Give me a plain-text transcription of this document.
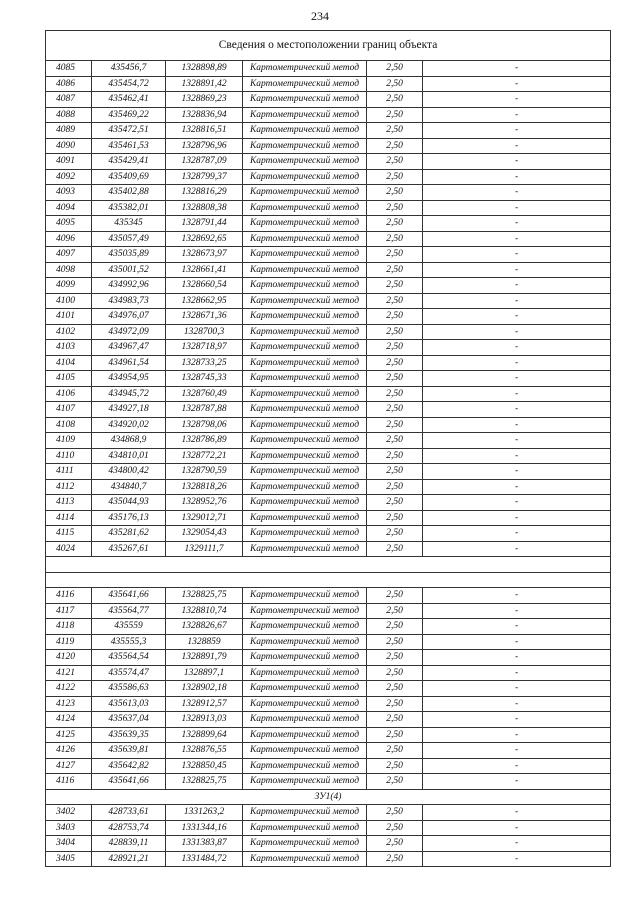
234
Сведения о местоположении границ объекта					
4085	435456,7	1328898,89	Картометрический метод	2,50	-
4086	435454,72	1328891,42	Картометрический метод	2,50	-
4087	435462,41	1328869,23	Картометрический метод	2,50	-
4088	435469,22	1328836,94	Картометрический метод	2,50	-
4089	435472,51	1328816,51	Картометрический метод	2,50	-
4090	435461,53	1328796,96	Картометрический метод	2,50	-
4091	435429,41	1328787,09	Картометрический метод	2,50	-
4092	435409,69	1328799,37	Картометрический метод	2,50	-
4093	435402,88	1328816,29	Картометрический метод	2,50	-
4094	435382,01	1328808,38	Картометрический метод	2,50	-
4095	435345	1328791,44	Картометрический метод	2,50	-
4096	435057,49	1328692,65	Картометрический метод	2,50	-
4097	435035,89	1328673,97	Картометрический метод	2,50	-
4098	435001,52	1328661,41	Картометрический метод	2,50	-
4099	434992,96	1328660,54	Картометрический метод	2,50	-
4100	434983,73	1328662,95	Картометрический метод	2,50	-
4101	434976,07	1328671,36	Картометрический метод	2,50	-
4102	434972,09	1328700,3	Картометрический метод	2,50	-
4103	434967,47	1328718,97	Картометрический метод	2,50	-
4104	434961,54	1328733,25	Картометрический метод	2,50	-
4105	434954,95	1328745,33	Картометрический метод	2,50	-
4106	434945,72	1328760,49	Картометрический метод	2,50	-
4107	434927,18	1328787,88	Картометрический метод	2,50	-
4108	434920,02	1328798,06	Картометрический метод	2,50	-
4109	434868,9	1328786,89	Картометрический метод	2,50	-
4110	434810,01	1328772,21	Картометрический метод	2,50	-
4111	434800,42	1328790,59	Картометрический метод	2,50	-
4112	434840,7	1328818,26	Картометрический метод	2,50	-
4113	435044,93	1328952,76	Картометрический метод	2,50	-
4114	435176,13	1329012,71	Картометрический метод	2,50	-
4115	435281,62	1329054,43	Картометрический метод	2,50	-
4024	435267,61	1329111,7	Картометрический метод	2,50	-

4116	435641,66	1328825,75	Картометрический метод	2,50	-
4117	435564,77	1328810,74	Картометрический метод	2,50	-
4118	435559	1328826,67	Картометрический метод	2,50	-
4119	435555,3	1328859	Картометрический метод	2,50	-
4120	435564,54	1328891,79	Картометрический метод	2,50	-
4121	435574,47	1328897,1	Картометрический метод	2,50	-
4122	435586,63	1328902,18	Картометрический метод	2,50	-
4123	435613,03	1328912,57	Картометрический метод	2,50	-
4124	435637,04	1328913,03	Картометрический метод	2,50	-
4125	435639,35	1328899,64	Картометрический метод	2,50	-
4126	435639,81	1328876,55	Картометрический метод	2,50	-
4127	435642,82	1328850,45	Картометрический метод	2,50	-
4116	435641,66	1328825,75	Картометрический метод	2,50	-
ЗУ1(4)					
3402	428733,61	1331263,2	Картометрический метод	2,50	-
3403	428753,74	1331344,16	Картометрический метод	2,50	-
3404	428839,11	1331383,87	Картометрический метод	2,50	-
3405	428921,21	1331484,72	Картометрический метод	2,50	-
